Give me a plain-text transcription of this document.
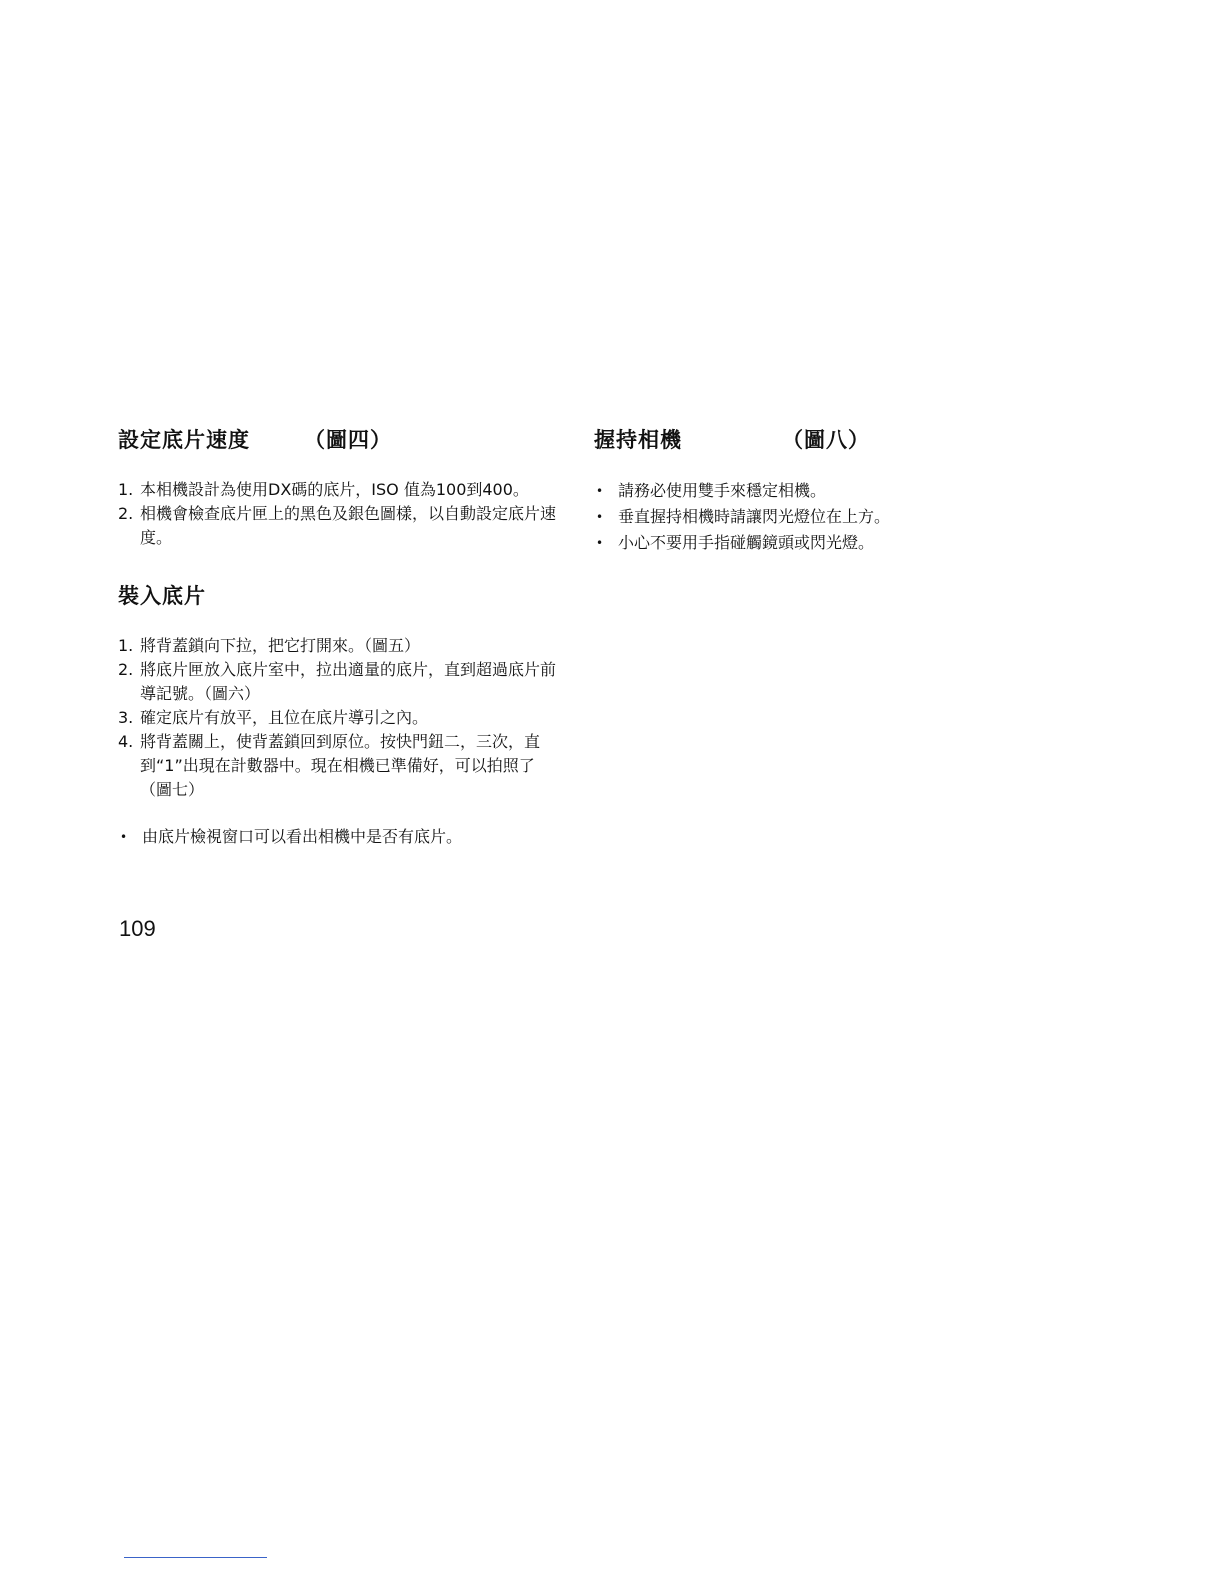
設定底片速度	（圖四）
1. 本相機設計為使用DX碼的底片，ISO 值為100到400。
2. 相機會檢查底片匣上的黑色及銀色圖樣，以自動設定底片速度。
裝入底片
1. 將背蓋鎖向下拉，把它打開來。（圖五）
2. 將底片匣放入底片室中，拉出適量的底片，直到超過底片前導記號。（圖六）
3. 確定底片有放平，且位在底片導引之內。
4. 將背蓋關上，使背蓋鎖回到原位。按快門鈕二，三次，直到“1”出現在計數器中。現在相機已準備好，可以拍照了　（圖七）
• 由底片檢視窗口可以看出相機中是否有底片。
握持相機	（圖八）
• 請務必使用雙手來穩定相機。
• 垂直握持相機時請讓閃光燈位在上方。
• 小心不要用手指碰觸鏡頭或閃光燈。
109
